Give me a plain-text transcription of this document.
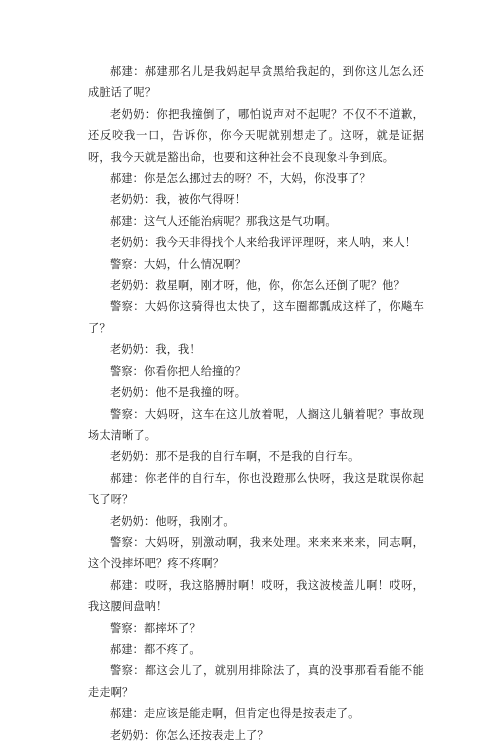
郝建：郝建那名儿是我妈起早贪黑给我起的，到你这儿怎么还成脏话了呢？

老奶奶：你把我撞倒了，哪怕说声对不起呢？不仅不不道歉，还反咬我一口，告诉你，你今天呢就别想走了。这呀，就是证据呀，我今天就是豁出命，也要和这种社会不良现象斗争到底。

郝建：你是怎么挪过去的呀？不，大妈，你没事了？

老奶奶：我，被你气得呀！

郝建：这气人还能治病呢？那我这是气功啊。

老奶奶：我今天非得找个人来给我评评理呀，来人呐，来人！

警察：大妈，什么情况啊？

老奶奶：救星啊，刚才呀，他，你，你怎么还倒了呢？他？

警察：大妈你这骑得也太快了，这车圈都瓢成这样了，你飚车了？

老奶奶：我，我！

警察：你看你把人给撞的？

老奶奶：他不是我撞的呀。

警察：大妈呀，这车在这儿放着呢，人搁这儿躺着呢？事故现场太清晰了。

老奶奶：那不是我的自行车啊，不是我的自行车。

郝建：你老伴的自行车，你也没蹬那么快呀，我这是耽误你起飞了呀？

老奶奶：他呀，我刚才。

警察：大妈呀，别激动啊，我来处理。来来来来来，同志啊，这个没摔坏吧？疼不疼啊？

郝建：哎呀，我这胳膊肘啊！哎呀，我这波棱盖儿啊！哎呀，我这腰间盘呐！

警察：都摔坏了？

郝建：都不疼了。

警察：都这会儿了，就别用排除法了，真的没事那看看能不能走走啊？

郝建：走应该是能走啊，但肯定也得是按表走了。

老奶奶：你怎么还按表走上了？
